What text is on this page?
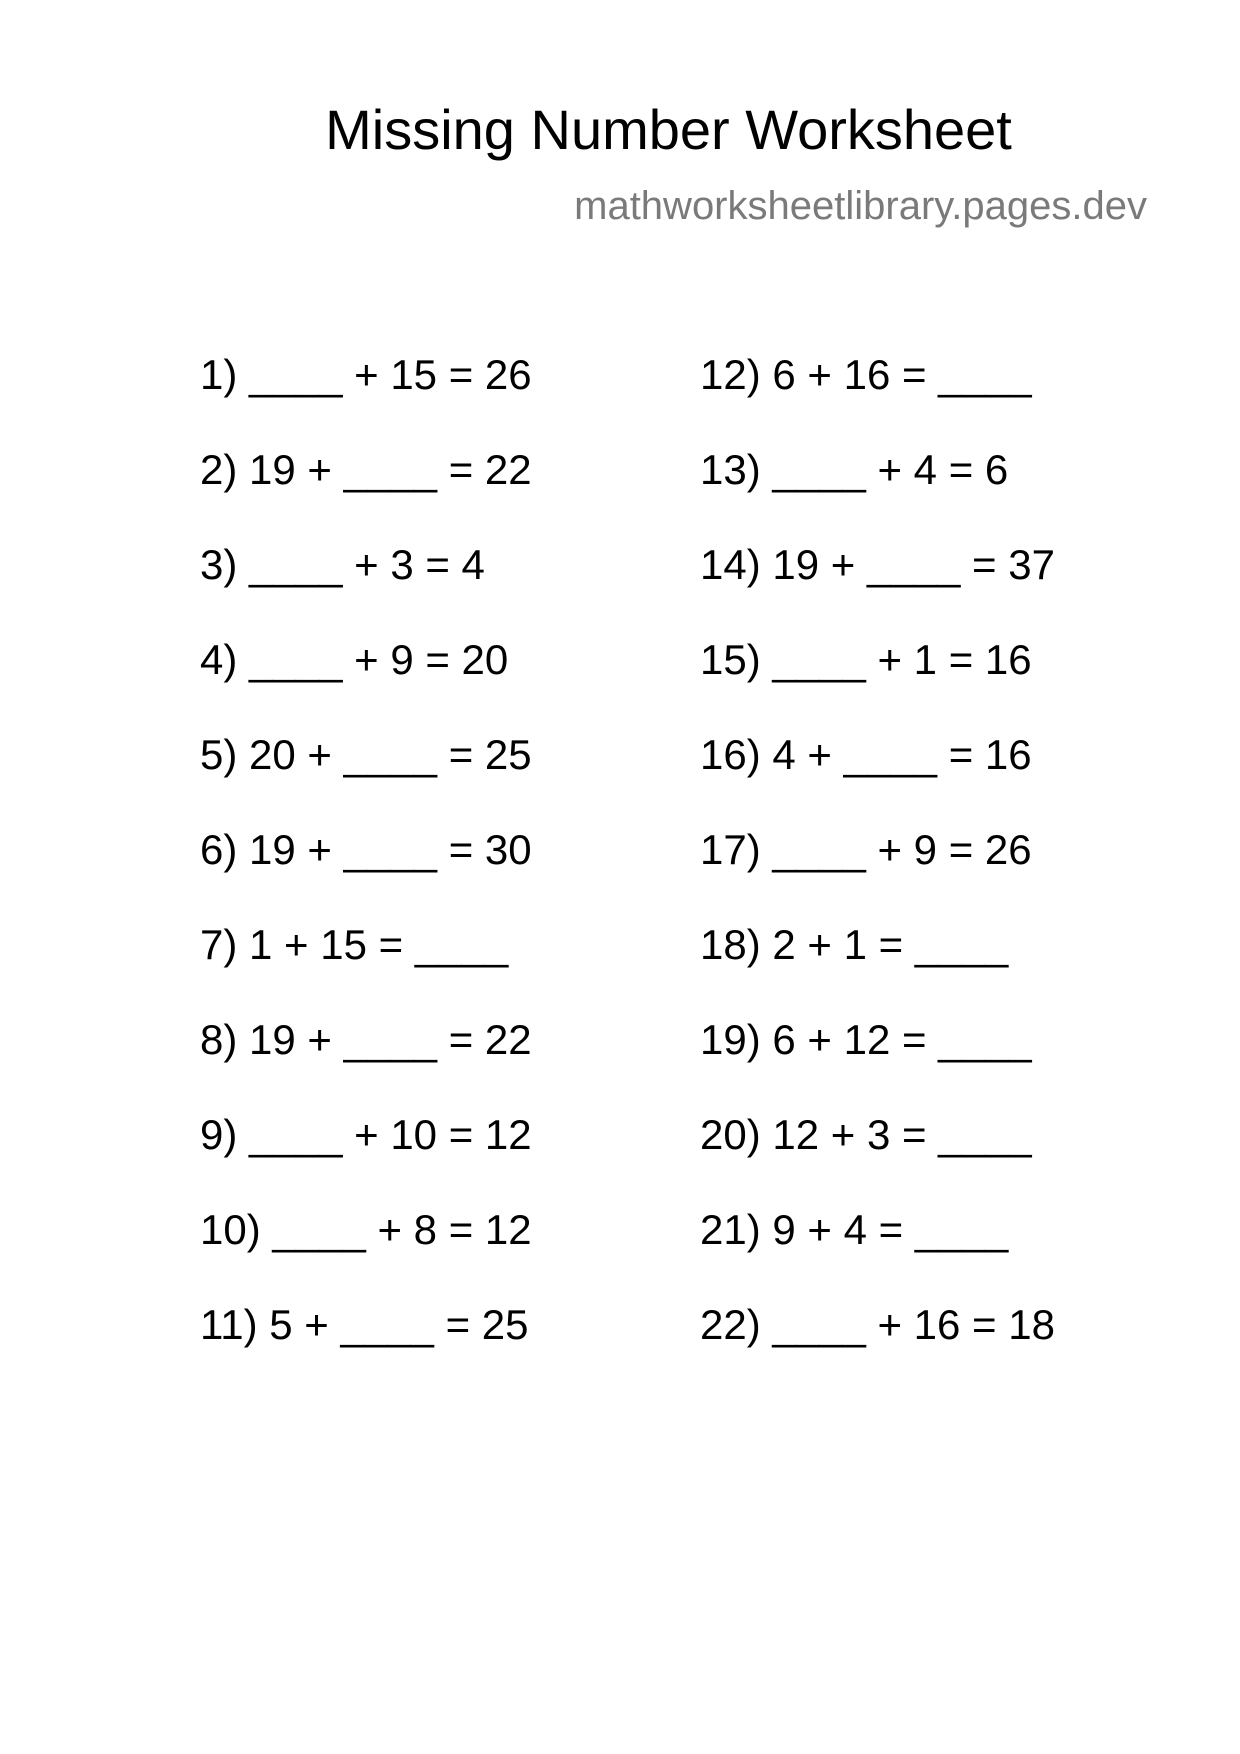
Missing Number Worksheet
mathworksheetlibrary.pages.dev
1) ____ + 15 = 26
2) 19 + ____ = 22
3) ____ + 3 = 4
4) ____ + 9 = 20
5) 20 + ____ = 25
6) 19 + ____ = 30
7) 1 + 15 = ____
8) 19 + ____ = 22
9) ____ + 10 = 12
10) ____ + 8 = 12
11) 5 + ____ = 25
12) 6 + 16 = ____
13) ____ + 4 = 6
14) 19 + ____ = 37
15) ____ + 1 = 16
16) 4 + ____ = 16
17) ____ + 9 = 26
18) 2 + 1 = ____
19) 6 + 12 = ____
20) 12 + 3 = ____
21) 9 + 4 = ____
22) ____ + 16 = 18
